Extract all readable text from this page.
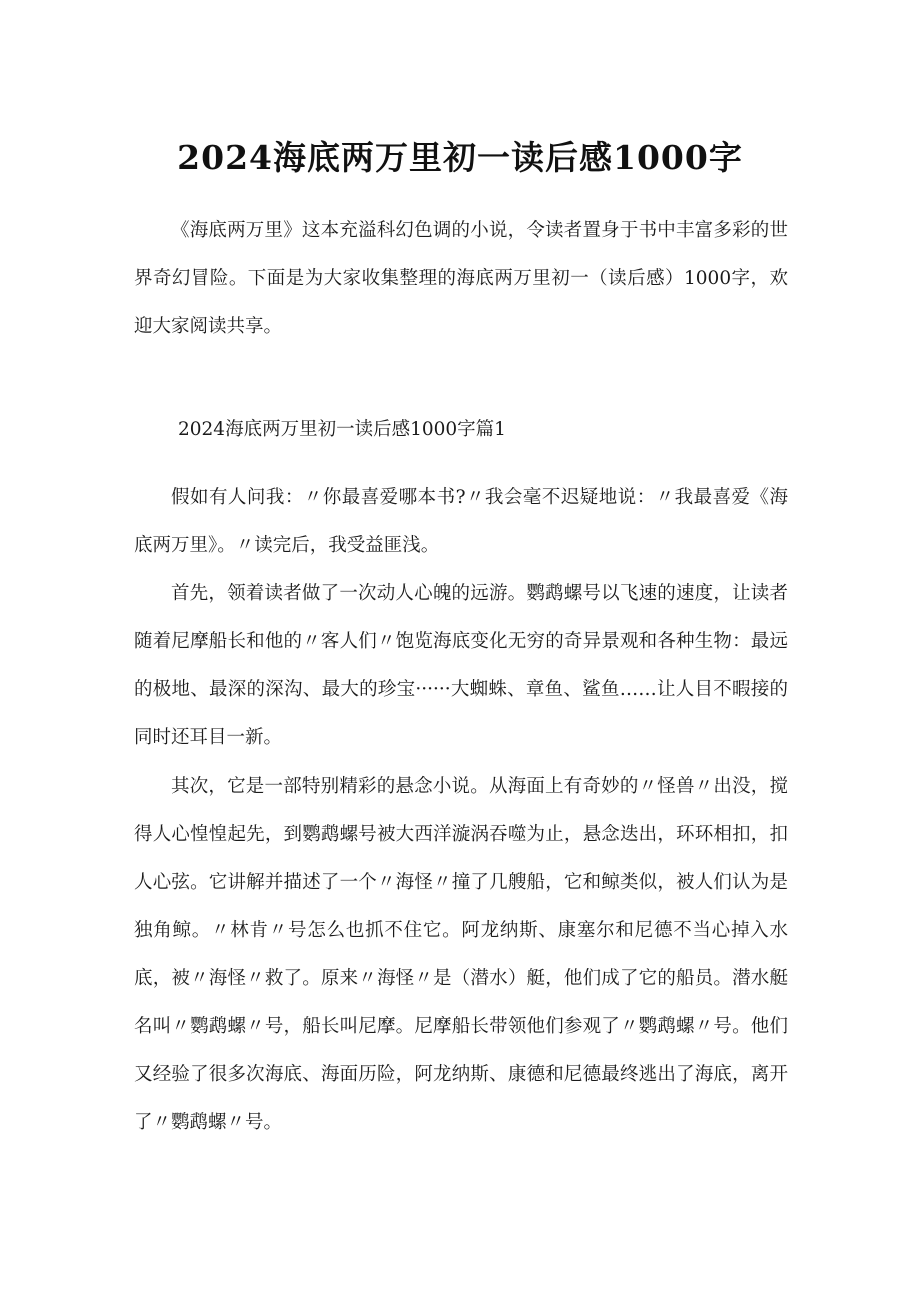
2024海底两万里初一读后感1000字

《海底两万里》这本充溢科幻色调的小说，令读者置身于书中丰富多彩的世界奇幻冒险。下面是为大家收集整理的海底两万里初一（读后感）1000字，欢迎大家阅读共享。

2024海底两万里初一读后感1000字篇1

假如有人问我：〃你最喜爱哪本书?〃我会毫不迟疑地说：〃我最喜爱《海底两万里》。〃读完后，我受益匪浅。

首先，领着读者做了一次动人心魄的远游。鹦鹉螺号以飞速的速度，让读者随着尼摩船长和他的〃客人们〃饱览海底变化无穷的奇异景观和各种生物：最远的极地、最深的深沟、最大的珍宝······大蜘蛛、章鱼、鲨鱼……让人目不暇接的同时还耳目一新。

其次，它是一部特别精彩的悬念小说。从海面上有奇妙的〃怪兽〃出没，搅得人心惶惶起先，到鹦鹉螺号被大西洋漩涡吞噬为止，悬念迭出，环环相扣，扣人心弦。它讲解并描述了一个〃海怪〃撞了几艘船，它和鲸类似，被人们认为是独角鲸。〃林肯〃号怎么也抓不住它。阿龙纳斯、康塞尔和尼德不当心掉入水底，被〃海怪〃救了。原来〃海怪〃是（潜水）艇，他们成了它的船员。潜水艇名叫〃鹦鹉螺〃号，船长叫尼摩。尼摩船长带领他们参观了〃鹦鹉螺〃号。他们又经验了很多次海底、海面历险，阿龙纳斯、康德和尼德最终逃出了海底，离开了〃鹦鹉螺〃号。
